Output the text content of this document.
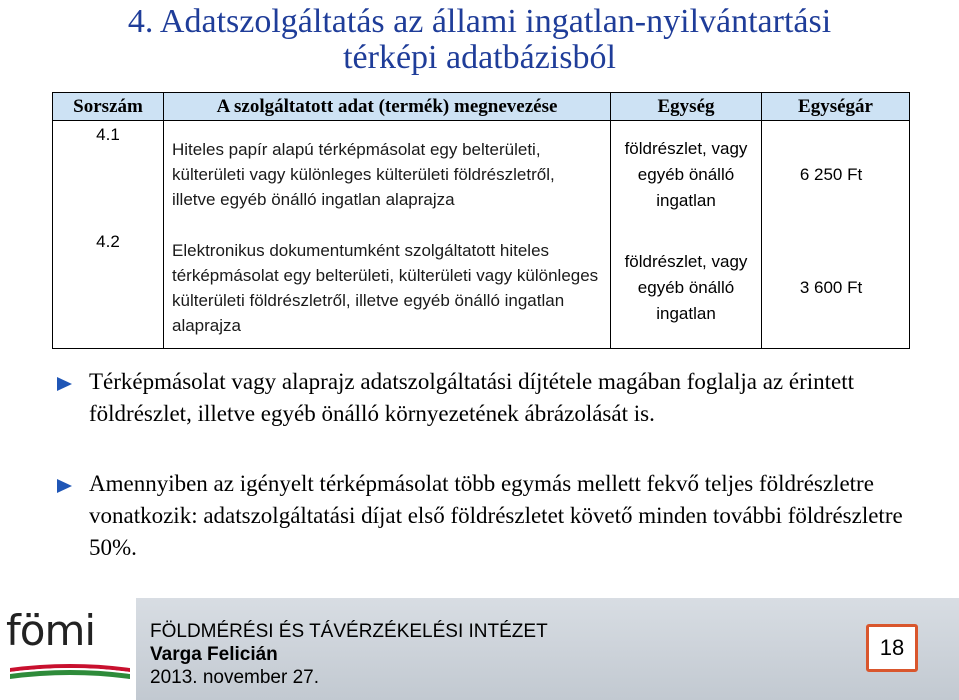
4. Adatszolgáltatás az állami ingatlan-nyilvántartási
térképi adatbázisból
Sorszám	A szolgáltatott adat (termék) megnevezése	Egység	Egységár
4.1	Hiteles papír alapú térképmásolat egy belterületi, külterületi vagy különleges külterületi földrészletről, illetve egyéb önálló ingatlan alaprajza	földrészlet, vagy egyéb önálló ingatlan	6 250 Ft
4.2	Elektronikus dokumentumként szolgáltatott hiteles térképmásolat egy belterületi, külterületi vagy különleges külterületi földrészletről, illetve egyéb önálló ingatlan alaprajza	földrészlet, vagy egyéb önálló ingatlan	3 600 Ft
Térképmásolat vagy alaprajz adatszolgáltatási díjtétele magában foglalja az érintett földrészlet, illetve egyéb önálló környezetének ábrázolását is.
Amennyiben az igényelt térképmásolat több egymás mellett fekvő teljes földrészletre vonatkozik: adatszolgáltatási díjat első földrészletet követő minden további földrészletre 50%.
fömi	FÖLDMÉRÉSI ÉS TÁVÉRZÉKELÉSI INTÉZET
Varga Felicián
2013. november 27.
18
